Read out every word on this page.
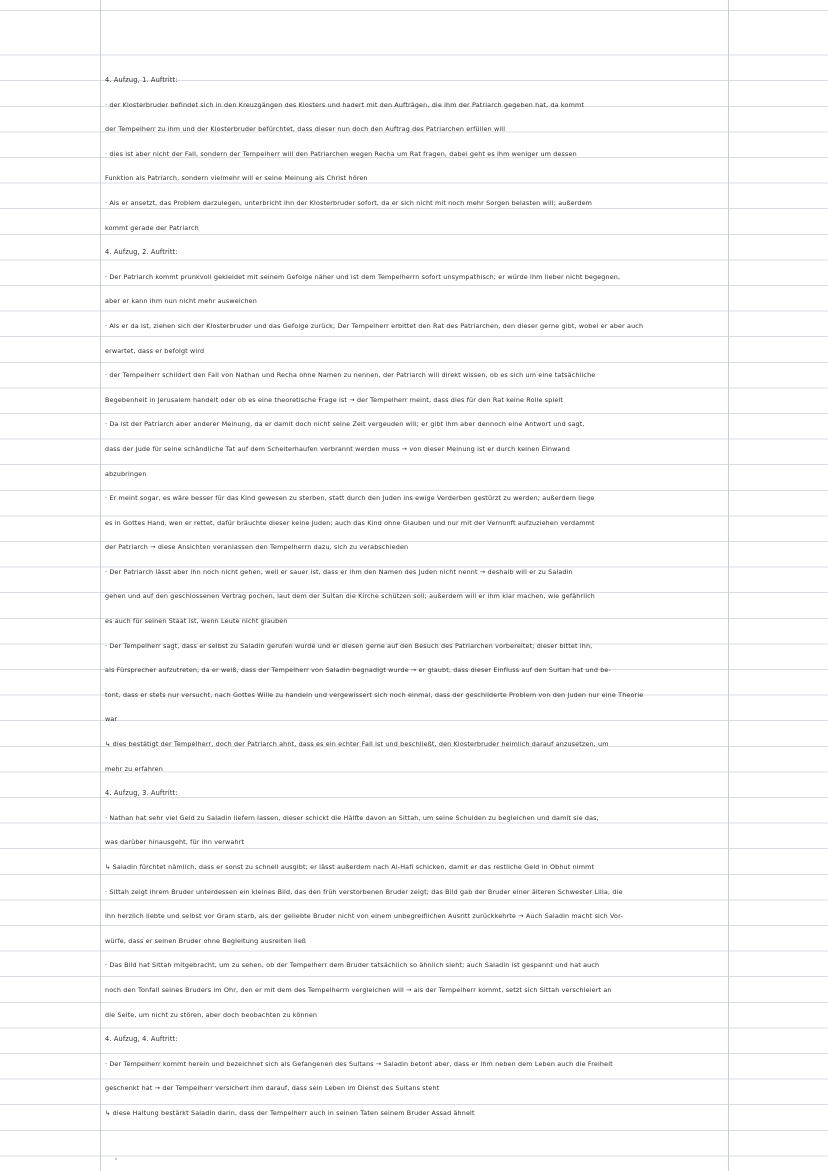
4. Aufzug, 1. Auftritt:
· der Klosterbruder befindet sich in den Kreuzgängen des Klosters und hadert mit den Aufträgen, die ihm der Patriarch gegeben hat, da kommt
der Tempelherr zu ihm und der Klosterbruder befürchtet, dass dieser nun doch den Auftrag des Patriarchen erfüllen will
· dies ist aber nicht der Fall, sondern der Tempelherr will den Patriarchen wegen Recha um Rat fragen, dabei geht es ihm weniger um dessen
Funktion als Patriarch, sondern vielmehr will er seine Meinung als Christ hören
· Als er ansetzt, das Problem darzulegen, unterbricht ihn der Klosterbruder sofort, da er sich nicht mit noch mehr Sorgen belasten will; außerdem
kommt gerade der Patriarch
4. Aufzug, 2. Auftritt:
· Der Patriarch kommt prunkvoll gekleidet mit seinem Gefolge näher und ist dem Tempelherrn sofort unsympathisch; er würde ihm lieber nicht begegnen,
aber er kann ihm nun nicht mehr ausweichen
· Als er da ist, ziehen sich der Klosterbruder und das Gefolge zurück; Der Tempelherr erbittet den Rat des Patriarchen, den dieser gerne gibt, wobei er aber auch
erwartet, dass er befolgt wird
· der Tempelherr schildert den Fall von Nathan und Recha ohne Namen zu nennen, der Patriarch will direkt wissen, ob es sich um eine tatsächliche
Begebenheit in Jerusalem handelt oder ob es eine theoretische Frage ist → der Tempelherr meint, dass dies für den Rat keine Rolle spielt
· Da ist der Patriarch aber anderer Meinung, da er damit doch nicht seine Zeit vergeuden will; er gibt ihm aber dennoch eine Antwort und sagt,
dass der Jude für seine schändliche Tat auf dem Scheiterhaufen verbrannt werden muss → von dieser Meinung ist er durch keinen Einwand
abzubringen
· Er meint sogar, es wäre besser für das Kind gewesen zu sterben, statt durch den Juden ins ewige Verderben gestürzt zu werden; außerdem liege
es in Gottes Hand, wen er rettet, dafür bräuchte dieser keine Juden; auch das Kind ohne Glauben und nur mit der Vernunft aufzuziehen verdammt
der Patriarch → diese Ansichten veranlassen den Tempelherrn dazu, sich zu verabschieden
· Der Patriarch lässt aber ihn noch nicht gehen, weil er sauer ist, dass er ihm den Namen des Juden nicht nennt → deshalb will er zu Saladin
gehen und auf den geschlossenen Vertrag pochen, laut dem der Sultan die Kirche schützen soll; außerdem will er ihm klar machen, wie gefährlich
es auch für seinen Staat ist, wenn Leute nicht glauben
· Der Tempelherr sagt, dass er selbst zu Saladin gerufen wurde und er diesen gerne auf den Besuch des Patriarchen vorbereitet; dieser bittet ihn,
als Fürsprecher aufzutreten, da er weiß, dass der Tempelherr von Saladin begnadigt wurde → er glaubt, dass dieser Einfluss auf den Sultan hat und be-
tont, dass er stets nur versucht, nach Gottes Wille zu handeln und vergewissert sich noch einmal, dass der geschilderte Problem von den Juden nur eine Theorie
war
↳ dies bestätigt der Tempelherr, doch der Patriarch ahnt, dass es ein echter Fall ist und beschließt, den Klosterbruder heimlich darauf anzusetzen, um
mehr zu erfahren
4. Aufzug, 3. Auftritt:
· Nathan hat sehr viel Geld zu Saladin liefern lassen, dieser schickt die Hälfte davon an Sittah, um seine Schulden zu begleichen und damit sie das,
was darüber hinausgeht, für ihn verwahrt
↳ Saladin fürchtet nämlich, dass er sonst zu schnell ausgibt; er lässt außerdem nach Al-Hafi schicken, damit er das restliche Geld in Obhut nimmt
· Sittah zeigt ihrem Bruder unterdessen ein kleines Bild, das den früh verstorbenen Bruder zeigt; das Bild gab der Bruder einer älteren Schwester Lilla, die
ihn herzlich liebte und selbst vor Gram starb, als der geliebte Bruder nicht von einem unbegreiflichen Ausritt zurückkehrte → Auch Saladin macht sich Vor-
würfe, dass er seinen Bruder ohne Begleitung ausreiten ließ
· Das Bild hat Sittah mitgebracht, um zu sehen, ob der Tempelherr dem Bruder tatsächlich so ähnlich sieht; auch Saladin ist gespannt und hat auch
noch den Tonfall seines Bruders im Ohr, den er mit dem des Tempelherrn vergleichen will → als der Tempelherr kommt, setzt sich Sittah verschleiert an
die Seite, um nicht zu stören, aber doch beobachten zu können
4. Aufzug, 4. Auftritt:
· Der Tempelherr kommt herein und bezeichnet sich als Gefangenen des Sultans → Saladin betont aber, dass er ihm neben dem Leben auch die Freiheit
geschenkt hat → der Tempelherr versichert ihm darauf, dass sein Leben im Dienst des Sultans steht
↳ diese Haltung bestärkt Saladin darin, dass der Tempelherr auch in seinen Taten seinem Bruder Assad ähnelt
